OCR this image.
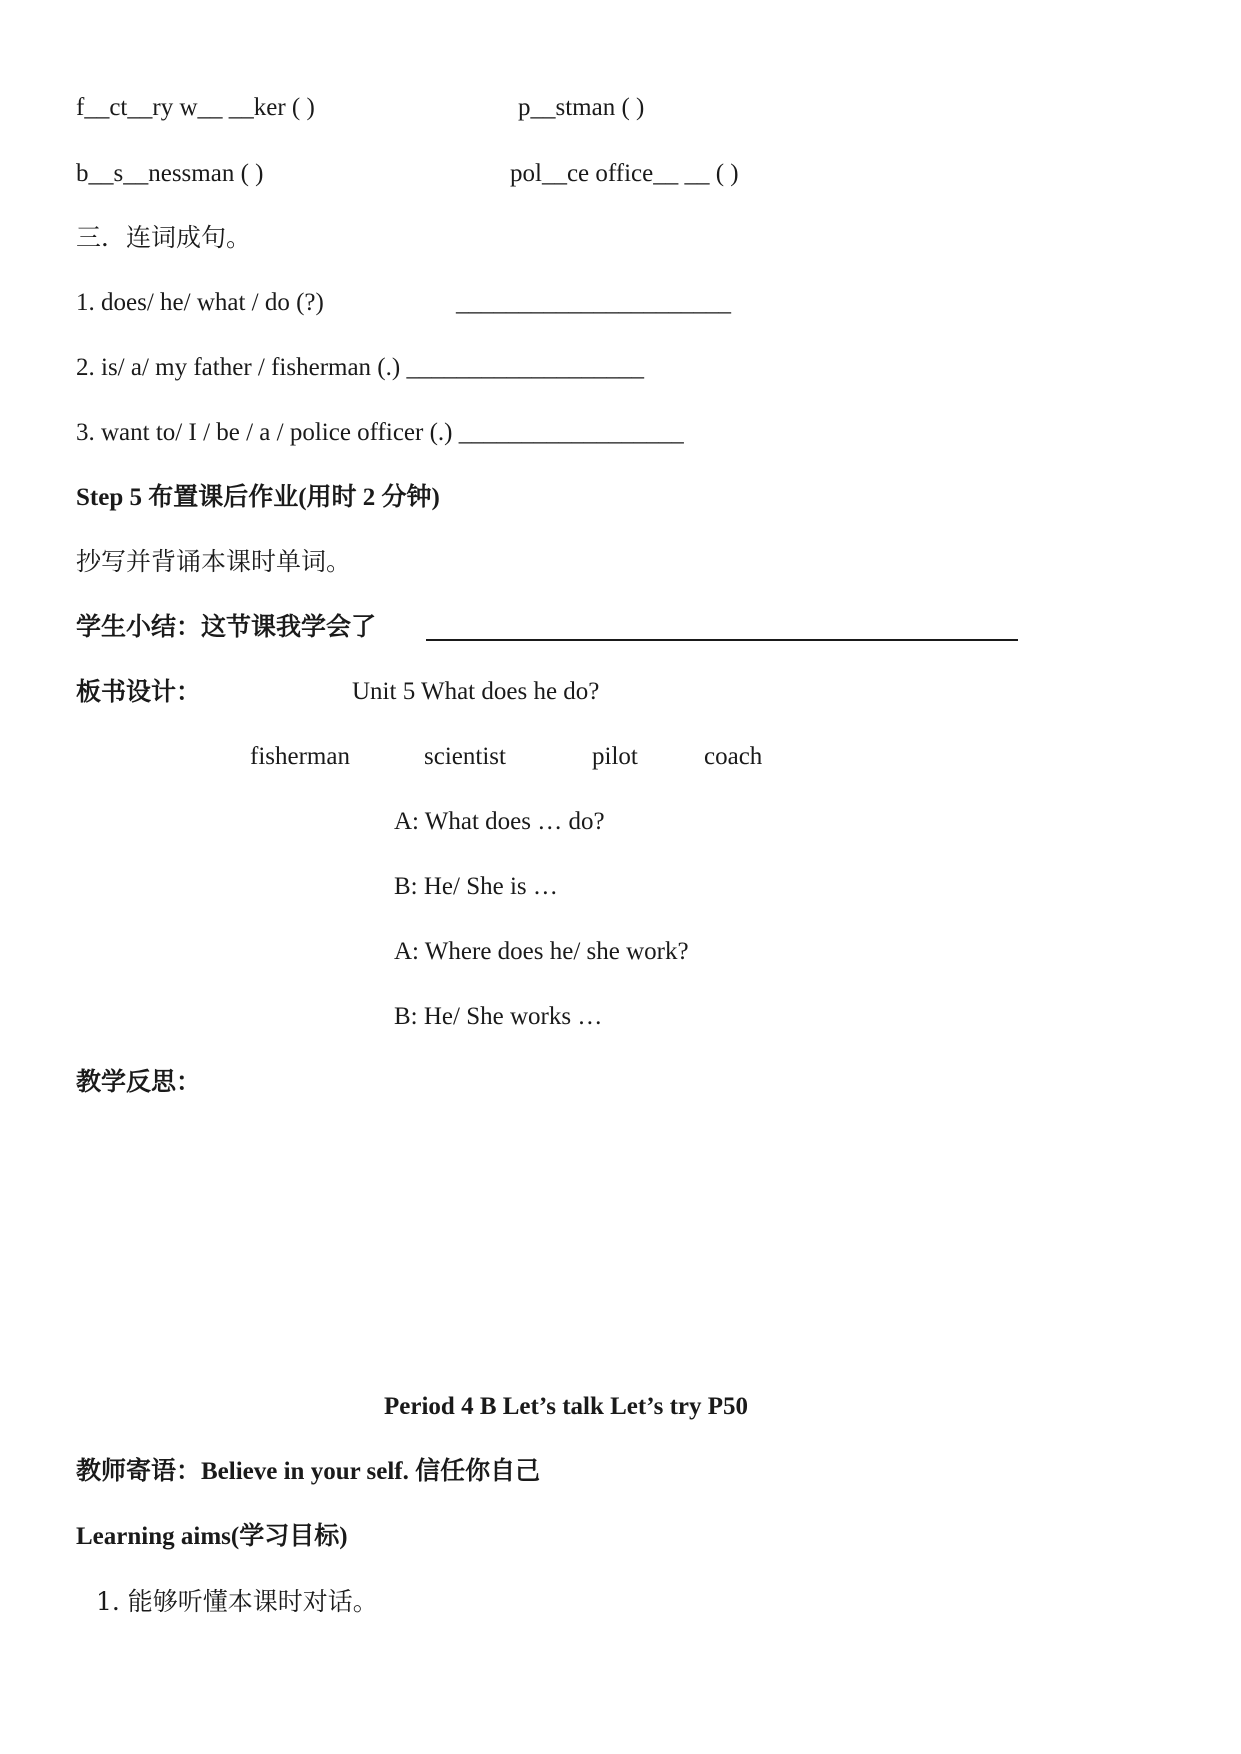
f__ct__ry w__ __ker ( )	p__stman ( )
b__s__nessman ( )	pol__ce office__ __ ( )
三．连词成句。
1. does/ he/ what / do (?)	______________________
2. is/ a/ my father / fisherman (.) ___________________
3. want to/ I / be / a / police officer (.) __________________
Step 5 布置课后作业(用时 2 分钟)
抄写并背诵本课时单词。
学生小结：这节课我学会了
板书设计：	Unit 5 What does he do?
fisherman	scientist	pilot	coach
A: What does … do?
B: He/ She is …
A: Where does he/ she work?
B: He/ She works …
教学反思：
Period 4 B Let’s talk Let’s try P50
教师寄语：Believe in your self. 信任你自己
Learning aims(学习目标)
1. 能够听懂本课时对话。
